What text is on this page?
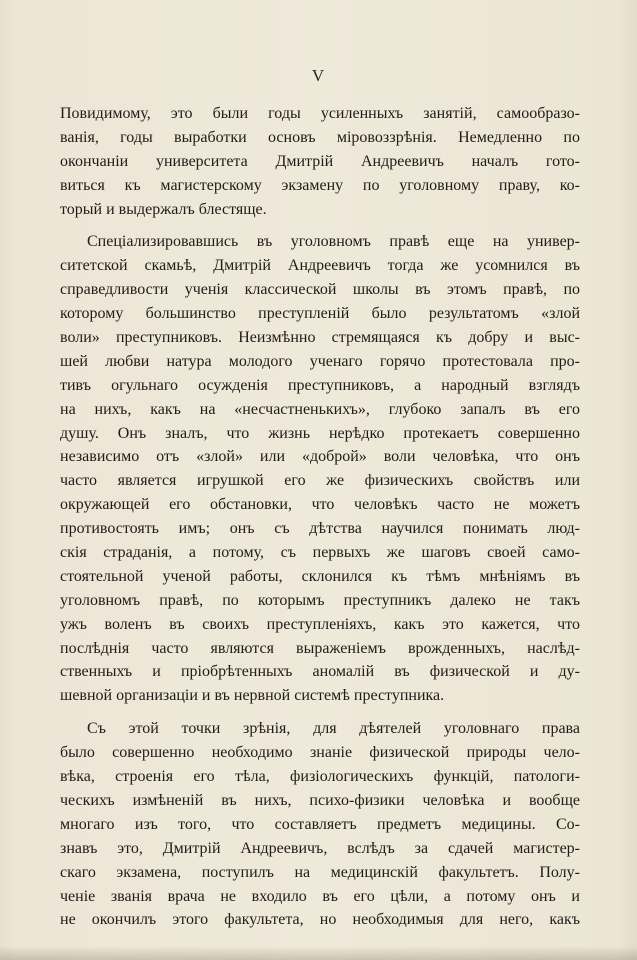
V
Повидимому, это были годы усиленныхъ занятій, самообразо-
ванія, годы выработки основъ міровоззрѣнія. Немедленно по
окончаніи университета Дмитрій Андреевичъ началъ гото-
виться къ магистерскому экзамену по уголовному праву, ко-
торый и выдержалъ блестяще.
Спеціализировавшись въ уголовномъ правѣ еще на универ-
ситетской скамьѣ, Дмитрій Андреевичъ тогда же усомнился въ
справедливости ученія классической школы въ этомъ правѣ, по
которому большинство преступленій было результатомъ «злой
воли» преступниковъ. Неизмѣнно стремящаяся къ добру и выс-
шей любви натура молодого ученаго горячо протестовала про-
тивъ огульнаго осужденія преступниковъ, а народный взглядъ
на нихъ, какъ на «несчастненькихъ», глубоко запалъ въ его
душу. Онъ зналъ, что жизнь нерѣдко протекаетъ совершенно
независимо отъ «злой» или «доброй» воли человѣка, что онъ
часто является игрушкой его же физическихъ свойствъ или
окружающей его обстановки, что человѣкъ часто не можетъ
противостоять имъ; онъ съ дѣтства научился понимать люд-
скія страданія, а потому, съ первыхъ же шаговъ своей само-
стоятельной ученой работы, склонился къ тѣмъ мнѣніямъ въ
уголовномъ правѣ, по которымъ преступникъ далеко не такъ
ужъ воленъ въ своихъ преступленіяхъ, какъ это кажется, что
послѣднія часто являются выраженіемъ врожденныхъ, наслѣд-
ственныхъ и пріобрѣтенныхъ аномалій въ физической и ду-
шевной организаціи и въ нервной системѣ преступника.
Съ этой точки зрѣнія, для дѣятелей уголовнаго права
было совершенно необходимо знаніе физической природы чело-
вѣка, строенія его тѣла, физіологическихъ функцій, патологи-
ческихъ измѣненій въ нихъ, психо-физики человѣка и вообще
многаго изъ того, что составляетъ предметъ медицины. Со-
знавъ это, Дмитрій Андреевичъ, вслѣдъ за сдачей магистер-
скаго экзамена, поступилъ на медицинскій факультетъ. Полу-
ченіе званія врача не входило въ его цѣли, а потому онъ и
не окончилъ этого факультета, но необходимыя для него, какъ
